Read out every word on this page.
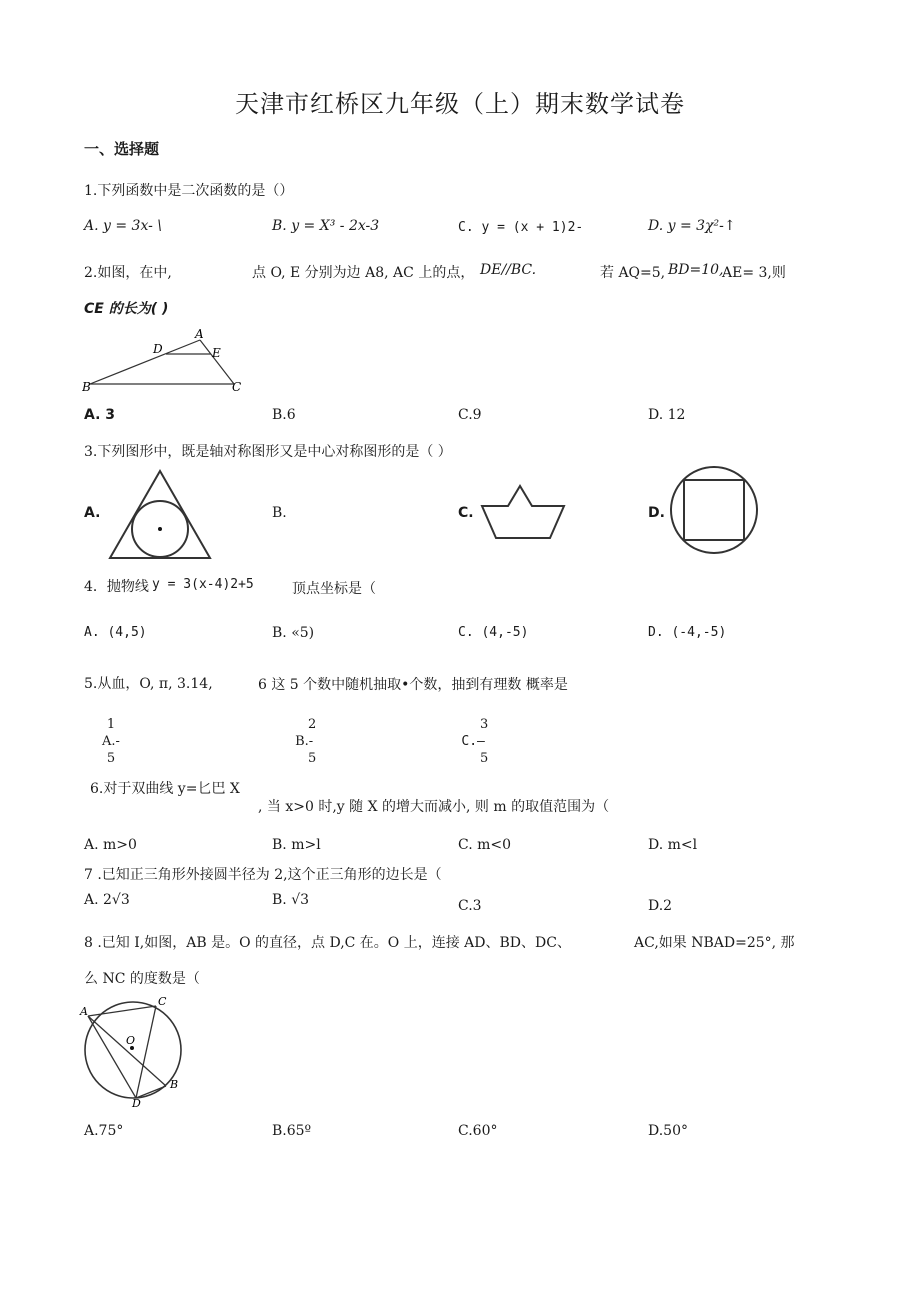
天津市红桥区九年级（上）期末数学试卷
一、选择题
1.下列函数中是二次函数的是（）
A. y = 3x- \	B. y = X³ - 2x-3	C. y = (x + 1)2-	D. y = 3χ²-↑
2.如图，在中,	点 O, E 分别为边 A8, AC 上的点， DE//BC.	若 AQ=5, BD=10,
AE= 3,则
CE 的长为( )
A
D	E
B	C
A. 3	B.6	C.9	D. 12
3.下列图形中，既是轴对称图形又是中心对称图形的是（ ）
A.	B.	C.	D.
4．抛物线 y = 3(x-4)2+5	顶点坐标是（
A. (4,5)	B. «5)	C. (4,-5)	D. (-4,-5)
5.从血，O, π, 3.14,	6 这 5 个数中随机抽取•个数，抽到有理数 概率是
1
A.-
5
2
B.-
5
3
C.—
5
6.对于双曲线 y=匕巴 X
, 当 x>0 时,y 随 X 的增大而减小, 则 m 的取值范围为（
A. m>0	B. m>l	C. m<0	D. m<l
7 .已知正三角形外接圆半径为 2,这个正三角形的边长是（
A. 2√3	B. √3	C.3	D.2
8 .已知 I,如图，AB 是。O 的直径，点 D,C 在。O 上，连接 AD、BD、DC、	AC,如果 NBAD=25°, 那
么 NC 的度数是（
A
C
O
B
D
A.75°	B.65º	C.60°	D.50°
